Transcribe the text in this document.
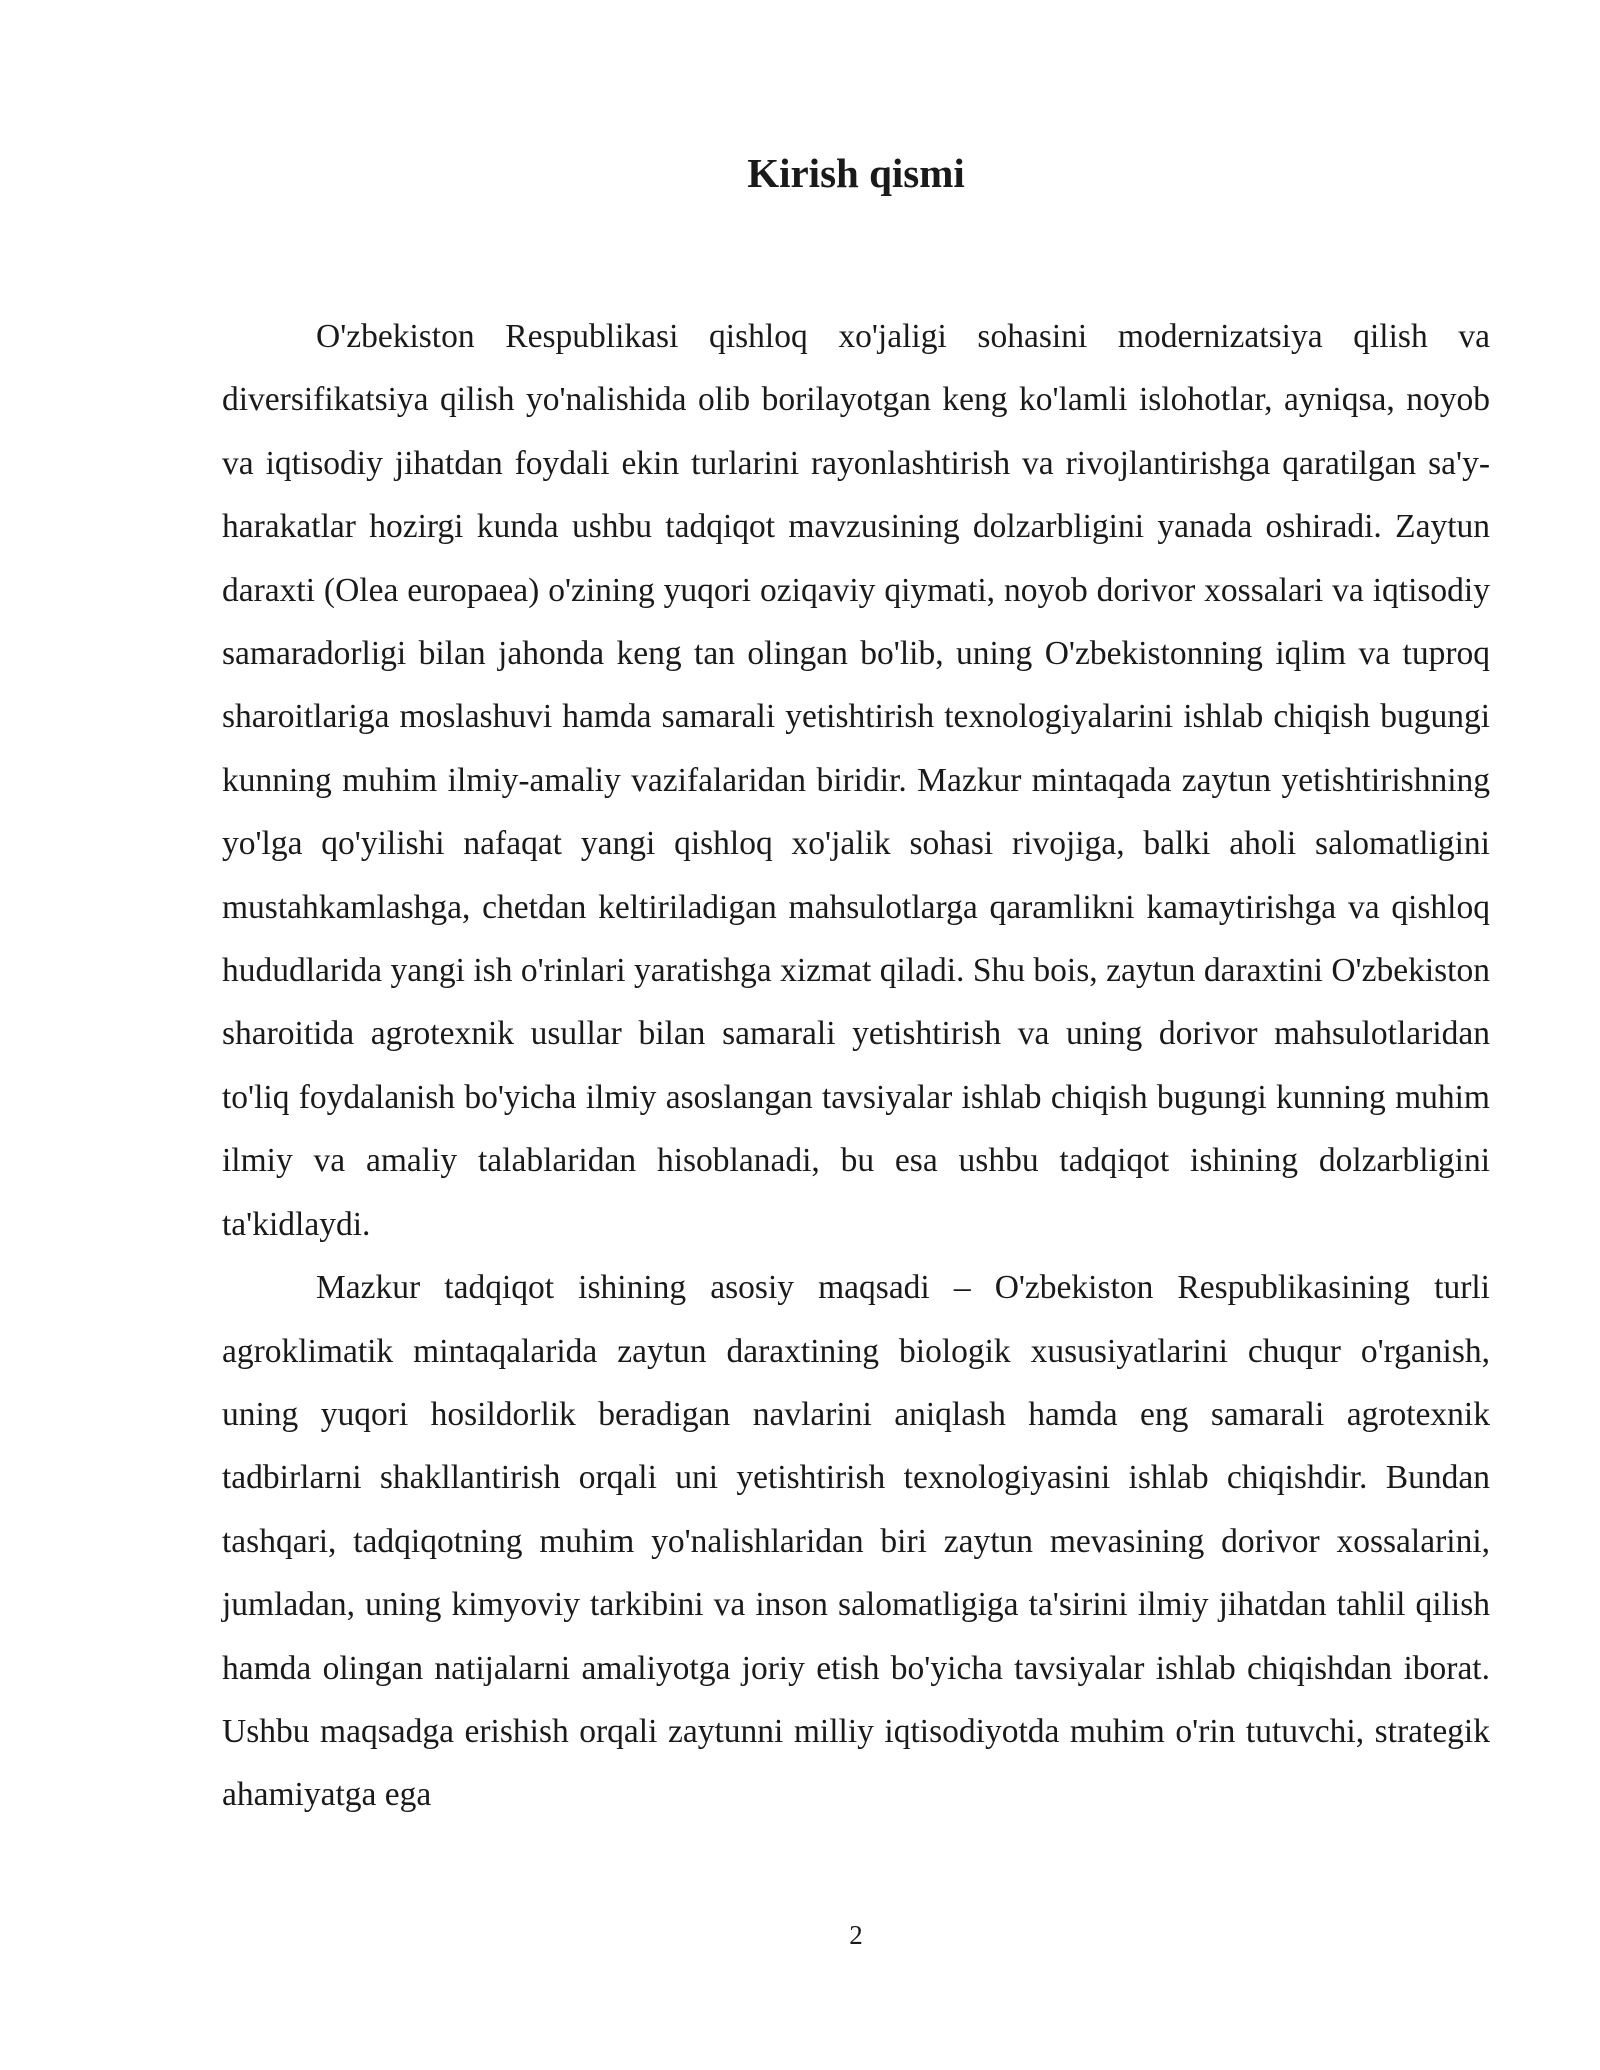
Kirish qismi

O'zbekiston Respublikasi qishloq xo'jaligi sohasini modernizatsiya qilish va diversifikatsiya qilish yo'nalishida olib borilayotgan keng ko'lamli islohotlar, ayniqsa, noyob va iqtisodiy jihatdan foydali ekin turlarini rayonlashtirish va rivojlantirishga qaratilgan sa'y-harakatlar hozirgi kunda ushbu tadqiqot mavzusining dolzarbligini yanada oshiradi. Zaytun daraxti (Olea europaea) o'zining yuqori oziqaviy qiymati, noyob dorivor xossalari va iqtisodiy samaradorligi bilan jahonda keng tan olingan bo'lib, uning O'zbekistonning iqlim va tuproq sharoitlariga moslashuvi hamda samarali yetishtirish texnologiyalarini ishlab chiqish bugungi kunning muhim ilmiy-amaliy vazifalaridan biridir. Mazkur mintaqada zaytun yetishtirishning yo'lga qo'yilishi nafaqat yangi qishloq xo'jalik sohasi rivojiga, balki aholi salomatligini mustahkamlashga, chetdan keltiriladigan mahsulotlarga qaramlikni kamaytirishga va qishloq hududlarida yangi ish o'rinlari yaratishga xizmat qiladi. Shu bois, zaytun daraxtini O'zbekiston sharoitida agrotexnik usullar bilan samarali yetishtirish va uning dorivor mahsulotlaridan to'liq foydalanish bo'yicha ilmiy asoslangan tavsiyalar ishlab chiqish bugungi kunning muhim ilmiy va amaliy talablaridan hisoblanadi, bu esa ushbu tadqiqot ishining dolzarbligini ta'kidlaydi.

Mazkur tadqiqot ishining asosiy maqsadi – O'zbekiston Respublikasining turli agroklimatik mintaqalarida zaytun daraxtining biologik xususiyatlarini chuqur o'rganish, uning yuqori hosildorlik beradigan navlarini aniqlash hamda eng samarali agrotexnik tadbirlarni shakllantirish orqali uni yetishtirish texnologiyasini ishlab chiqishdir. Bundan tashqari, tadqiqotning muhim yo'nalishlaridan biri zaytun mevasining dorivor xossalarini, jumladan, uning kimyoviy tarkibini va inson salomatligiga ta'sirini ilmiy jihatdan tahlil qilish hamda olingan natijalarni amaliyotga joriy etish bo'yicha tavsiyalar ishlab chiqishdan iborat. Ushbu maqsadga erishish orqali zaytunni milliy iqtisodiyotda muhim o'rin tutuvchi, strategik ahamiyatga ega

2
